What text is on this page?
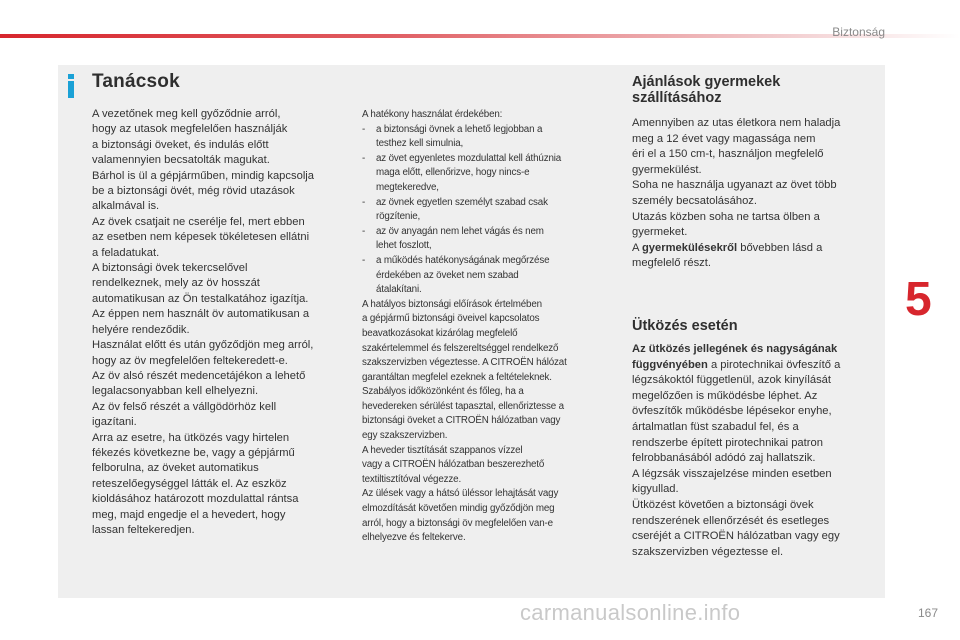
Biztonság
Tanácsok

A vezetőnek meg kell győződnie arról,

hogy az utasok megfelelően használják

a biztonsági öveket, és indulás előtt

valamennyien becsatolták magukat.

Bárhol is ül a gépjárműben, mindig kapcsolja

be a biztonsági övét, még rövid utazások

alkalmával is.

Az övek csatjait ne cserélje fel, mert ebben

az esetben nem képesek tökéletesen ellátni

a feladatukat.

A biztonsági övek tekercselővel

rendelkeznek, mely az öv hosszát

automatikusan az Ön testalkatához igazítja.

Az éppen nem használt öv automatikusan a

helyére rendeződik.

Használat előtt és után győződjön meg arról,

hogy az öv megfelelően feltekeredett-e.

Az öv alsó részét medencetájékon a lehető

legalacsonyabban kell elhelyezni.

Az öv felső részét a vállgödörhöz kell

igazítani.

Arra az esetre, ha ütközés vagy hirtelen

fékezés következne be, vagy a gépjármű

felborulna, az öveket automatikus

reteszelőegységgel látták el. Az eszköz

kioldásához határozott mozdulattal rántsa

meg, majd engedje el a hevedert, hogy

lassan feltekeredjen.

A hatékony használat érdekében:

- a biztonsági övnek a lehető legjobban a
testhez kell simulnia,
- az övet egyenletes mozdulattal kell áthúznia
maga előtt, ellenőrizve, hogy nincs-e
megtekeredve,
- az övnek egyetlen személyt szabad csak
rögzítenie,
- az öv anyagán nem lehet vágás és nem
lehet foszlott,
- a működés hatékonyságának megőrzése
érdekében az öveket nem szabad
átalakítani.

A hatályos biztonsági előírások értelmében

a gépjármű biztonsági öveivel kapcsolatos

beavatkozásokat kizárólag megfelelő

szakértelemmel és felszereltséggel rendelkező

szakszervizben végeztesse. A CITROËN hálózat

garantáltan megfelel ezeknek a feltételeknek.

Szabályos időközönként és főleg, ha a

hevedereken sérülést tapasztal, ellenőriztesse a

biztonsági öveket a CITROËN hálózatban vagy

egy szakszervizben.

A heveder tisztítását szappanos vízzel

vagy a CITROËN hálózatban beszerezhető

textiltisztítóval végezze.

Az ülések vagy a hátsó üléssor lehajtását vagy

elmozdítását követően mindig győződjön meg

arról, hogy a biztonsági öv megfelelően van-e

elhelyezve és feltekerve.

Ajánlások gyermekek
szállításához

Amennyiben az utas életkora nem haladja

meg a 12 évet vagy magassága nem

éri el a 150 cm-t, használjon megfelelő

gyermekülést.

Soha ne használja ugyanazt az övet több

személy becsatolásához.

Utazás közben soha ne tartsa ölben a

gyermeket.

A gyermekülésekről bővebben lásd a

megfelelő részt.

Ütközés esetén

Az ütközés jellegének és nagyságának

függvényében a pirotechnikai övfeszítő a

légzsákoktól függetlenül, azok kinyílását

megelőzően is működésbe léphet. Az

övfeszítők működésbe lépésekor enyhe,

ártalmatlan füst szabadul fel, és a

rendszerbe épített pirotechnikai patron

felrobbanásából adódó zaj hallatszik.

A légzsák visszajelzése minden esetben

kigyullad.

Ütközést követően a biztonsági övek

rendszerének ellenőrzését és esetleges

cseréjét a CITROËN hálózatban vagy egy

szakszervizben végeztesse el.

5
carmanualsonline.info	167
